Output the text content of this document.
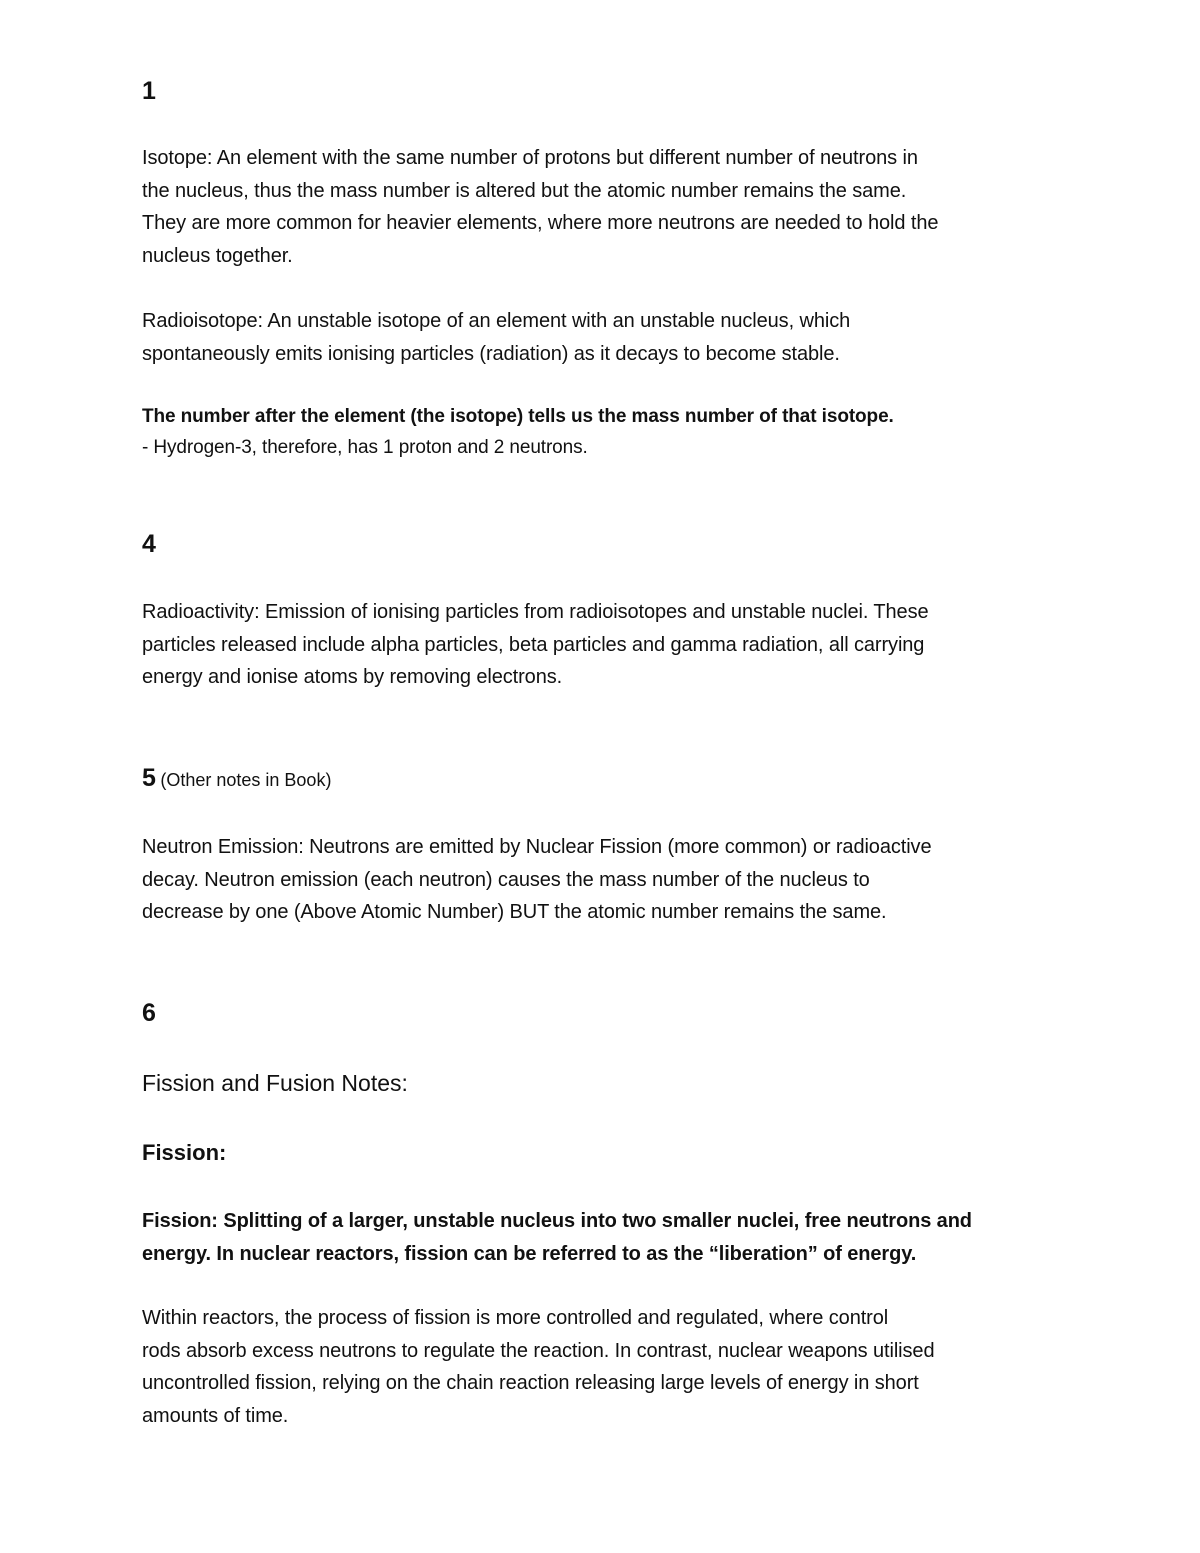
1

Isotope: An element with the same number of protons but different number of neutrons in
the nucleus, thus the mass number is altered but the atomic number remains the same.
They are more common for heavier elements, where more neutrons are needed to hold the
nucleus together.

Radioisotope: An unstable isotope of an element with an unstable nucleus, which
spontaneously emits ionising particles (radiation) as it decays to become stable.

The number after the element (the isotope) tells us the mass number of that isotope.

- Hydrogen-3, therefore, has 1 proton and 2 neutrons.

4

Radioactivity: Emission of ionising particles from radioisotopes and unstable nuclei. These
particles released include alpha particles, beta particles and gamma radiation, all carrying
energy and ionise atoms by removing electrons.

5 (Other notes in Book)

Neutron Emission: Neutrons are emitted by Nuclear Fission (more common) or radioactive
decay. Neutron emission (each neutron) causes the mass number of the nucleus to
decrease by one (Above Atomic Number) BUT the atomic number remains the same.

6
Fission and Fusion Notes:
Fission:

Fission: Splitting of a larger, unstable nucleus into two smaller nuclei, free neutrons and
energy. In nuclear reactors, fission can be referred to as the “liberation” of energy.

Within reactors, the process of fission is more controlled and regulated, where control
rods absorb excess neutrons to regulate the reaction. In contrast, nuclear weapons utilised
uncontrolled fission, relying on the chain reaction releasing large levels of energy in short
amounts of time.
